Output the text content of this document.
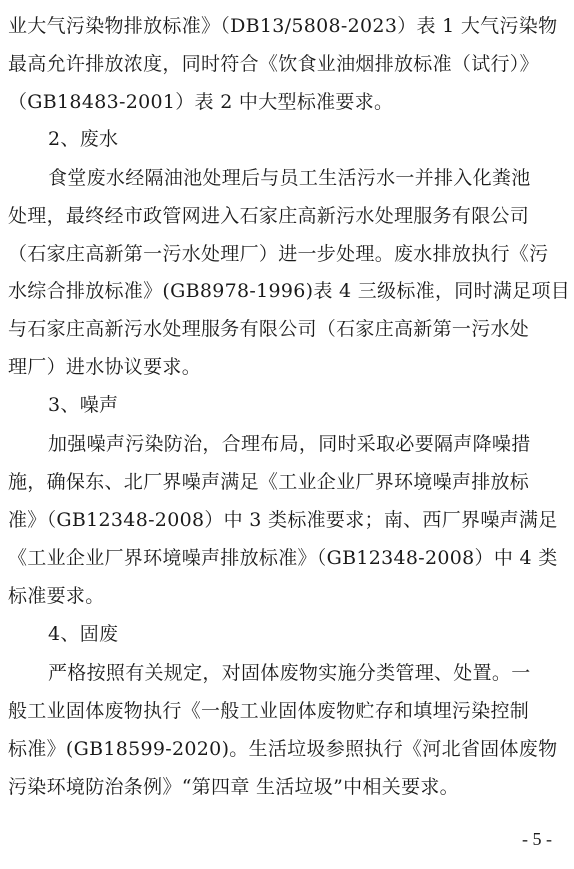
业大气污染物排放标准》（DB13/5808-2023）表 1 大气污染物
最高允许排放浓度，同时符合《饮食业油烟排放标准（试行）》
（GB18483-2001）表 2 中大型标准要求。
2、废水
食堂废水经隔油池处理后与员工生活污水一并排入化粪池
处理，最终经市政管网进入石家庄高新污水处理服务有限公司
（石家庄高新第一污水处理厂）进一步处理。废水排放执行《污
水综合排放标准》(GB8978-1996)表 4 三级标准，同时满足项目
与石家庄高新污水处理服务有限公司（石家庄高新第一污水处
理厂）进水协议要求。
3、噪声
加强噪声污染防治，合理布局，同时采取必要隔声降噪措
施，确保东、北厂界噪声满足《工业企业厂界环境噪声排放标
准》（GB12348-2008）中 3 类标准要求；南、西厂界噪声满足
《工业企业厂界环境噪声排放标准》（GB12348-2008）中 4 类
标准要求。
4、固废
严格按照有关规定，对固体废物实施分类管理、处置。一
般工业固体废物执行《一般工业固体废物贮存和填埋污染控制
标准》(GB18599-2020)。生活垃圾参照执行《河北省固体废物
污染环境防治条例》“第四章 生活垃圾”中相关要求。
- 5 -
